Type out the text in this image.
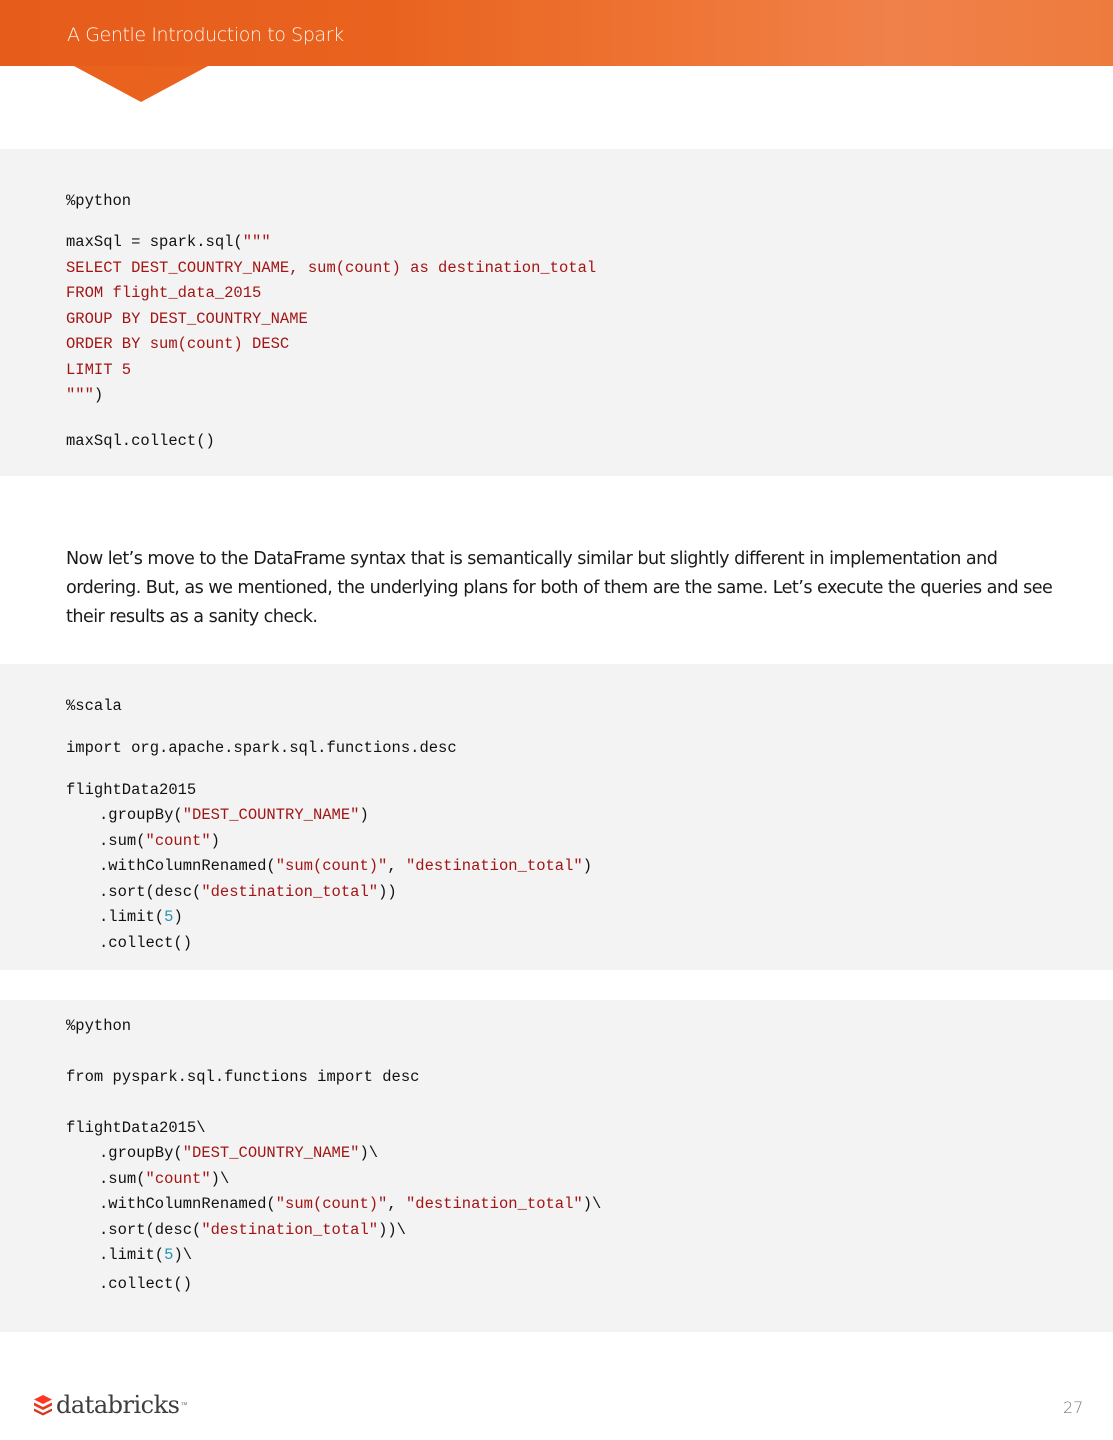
A Gentle Introduction to Spark
%python
maxSql = spark.sql("""
SELECT DEST_COUNTRY_NAME, sum(count) as destination_total
FROM flight_data_2015
GROUP BY DEST_COUNTRY_NAME
ORDER BY sum(count) DESC
LIMIT 5
""")
maxSql.collect()
Now let’s move to the DataFrame syntax that is semantically similar but slightly different in implementation and ordering. But, as we mentioned, the underlying plans for both of them are the same. Let’s execute the queries and see their results as a sanity check.
%scala
import org.apache.spark.sql.functions.desc
flightData2015
.groupBy("DEST_COUNTRY_NAME")
.sum("count")
.withColumnRenamed("sum(count)", "destination_total")
.sort(desc("destination_total"))
.limit(5)
.collect()
%python
from pyspark.sql.functions import desc
flightData2015\
.groupBy("DEST_COUNTRY_NAME")\
.sum("count")\
.withColumnRenamed("sum(count)", "destination_total")\
.sort(desc("destination_total"))\
.limit(5)\
.collect()
databricks ™	27
